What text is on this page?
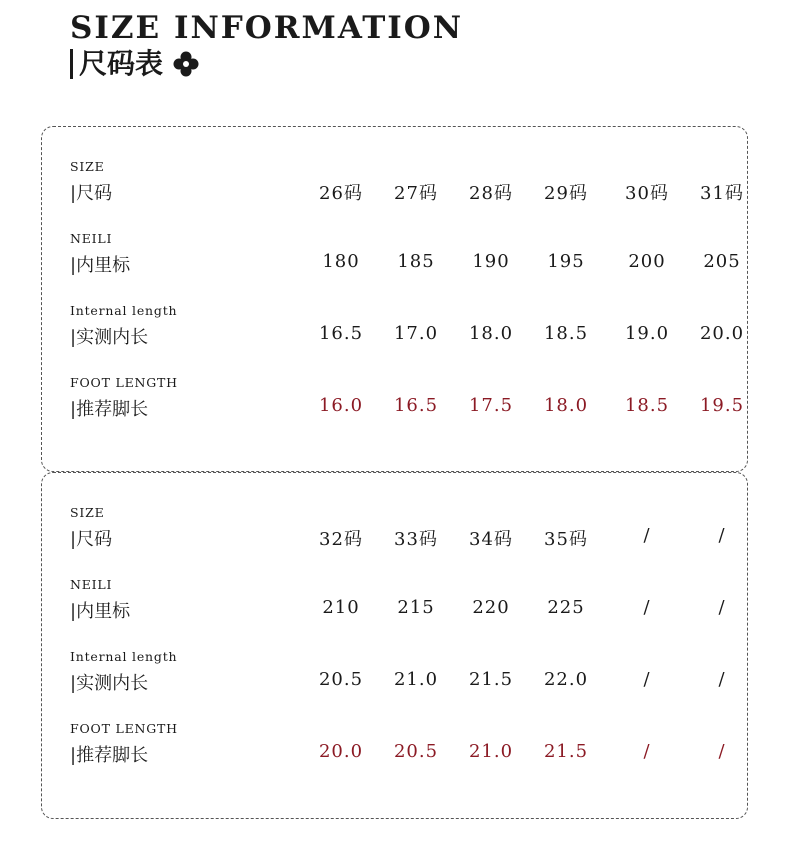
SIZE INFORMATION
尺码表
SIZE
|尺码	26码	27码	28码	29码	30码	31码
NEILI
|内里标	180	185	190	195	200	205
Internal length
|实测内长	16.5	17.0	18.0	18.5	19.0	20.0
FOOT LENGTH
|推荐脚长	16.0	16.5	17.5	18.0	18.5	19.5
SIZE
|尺码	32码	33码	34码	35码	/	/
NEILI
|内里标	210	215	220	225	/	/
Internal length
|实测内长	20.5	21.0	21.5	22.0	/	/
FOOT LENGTH
|推荐脚长	20.0	20.5	21.0	21.5	/	/
